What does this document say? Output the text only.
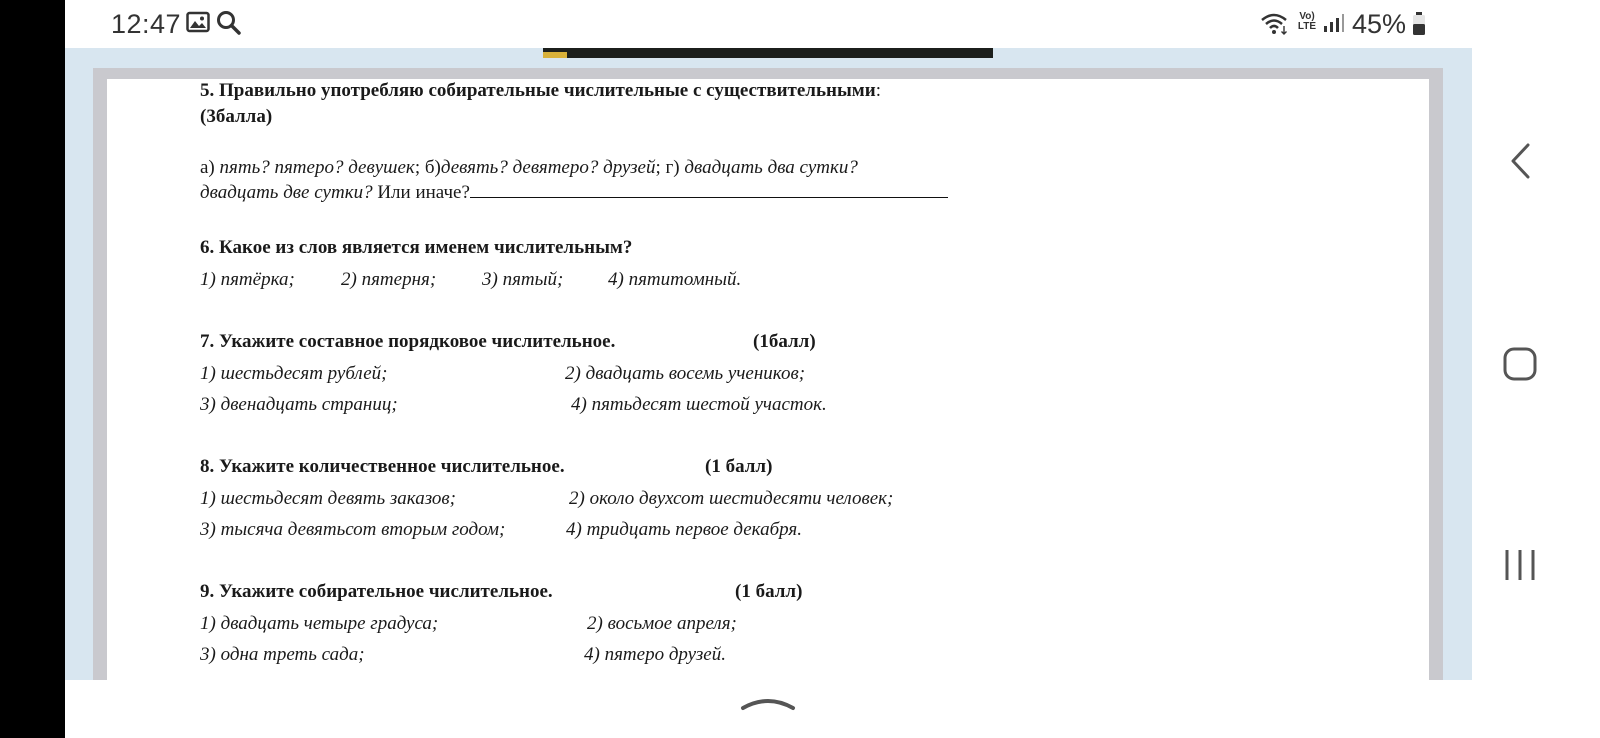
12:47	Vo) LTE 45%
5. Правильно употребляю собирательные числительные с существительными:
(3балла)
а) пять? пятеро? девушек; б)девять? девятеро? друзей; г) двадцать два сутки?
двадцать две сутки? Или иначе?
6. Какое из слов является именем числительным?
1) пятёрка; 2) пятерня; 3) пятый; 4) пятитомный.
7. Укажите составное порядковое числительное.	(1балл)
1) шестьдесят рублей;	2) двадцать восемь учеников;
3) двенадцать страниц;	4) пятьдесят шестой участок.
8. Укажите количественное числительное.	(1 балл)
1) шестьдесят девять заказов;	2) около двухсот шестидесяти человек;
3) тысяча девятьсот вторым годом;	4) тридцать первое декабря.
9. Укажите собирательное числительное.	(1 балл)
1) двадцать четыре градуса;	2) восьмое апреля;
3) одна треть сада;	4) пятеро друзей.
